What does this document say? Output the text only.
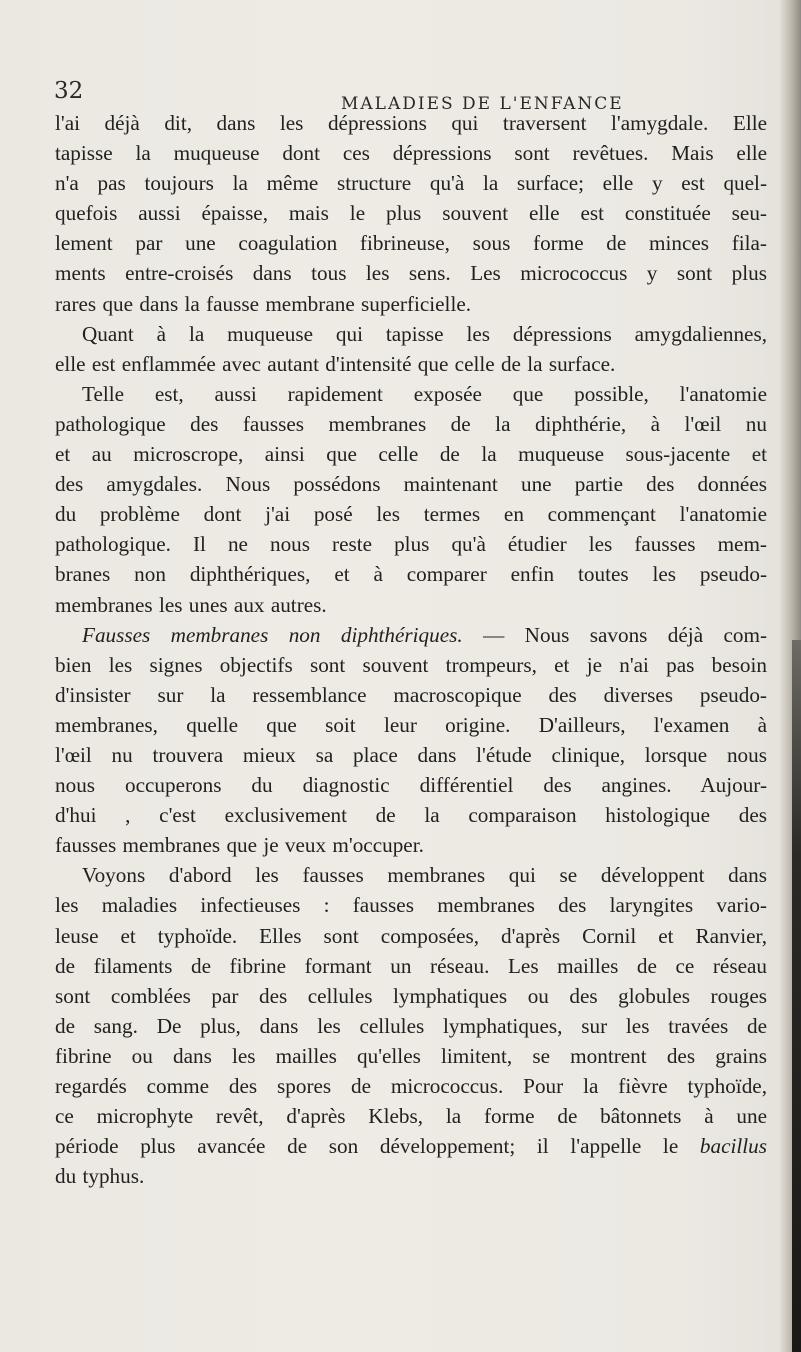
32	MALADIES DE L'ENFANCE
l'ai déjà dit, dans les dépressions qui traversent l'amygdale. Elle
tapisse la muqueuse dont ces dépressions sont revêtues. Mais elle
n'a pas toujours la même structure qu'à la surface; elle y est quel-
quefois aussi épaisse, mais le plus souvent elle est constituée seu-
lement par une coagulation fibrineuse, sous forme de minces fila-
ments entre-croisés dans tous les sens. Les micrococcus y sont plus
rares que dans la fausse membrane superficielle.
Quant à la muqueuse qui tapisse les dépressions amygdaliennes,
elle est enflammée avec autant d'intensité que celle de la surface.
Telle est, aussi rapidement exposée que possible, l'anatomie
pathologique des fausses membranes de la diphthérie, à l'œil nu
et au microscrope, ainsi que celle de la muqueuse sous-jacente et
des amygdales. Nous possédons maintenant une partie des données
du problème dont j'ai posé les termes en commençant l'anatomie
pathologique. Il ne nous reste plus qu'à étudier les fausses mem-
branes non diphthériques, et à comparer enfin toutes les pseudo-
membranes les unes aux autres.
Fausses membranes non diphthériques. — Nous savons déjà com-
bien les signes objectifs sont souvent trompeurs, et je n'ai pas besoin
d'insister sur la ressemblance macroscopique des diverses pseudo-
membranes, quelle que soit leur origine. D'ailleurs, l'examen à
l'œil nu trouvera mieux sa place dans l'étude clinique, lorsque nous
nous occuperons du diagnostic différentiel des angines. Aujour-
d'hui , c'est exclusivement de la comparaison histologique des
fausses membranes que je veux m'occuper.
Voyons d'abord les fausses membranes qui se développent dans
les maladies infectieuses : fausses membranes des laryngites vario-
leuse et typhoïde. Elles sont composées, d'après Cornil et Ranvier,
de filaments de fibrine formant un réseau. Les mailles de ce réseau
sont comblées par des cellules lymphatiques ou des globules rouges
de sang. De plus, dans les cellules lymphatiques, sur les travées de
fibrine ou dans les mailles qu'elles limitent, se montrent des grains
regardés comme des spores de micrococcus. Pour la fièvre typhoïde,
ce microphyte revêt, d'après Klebs, la forme de bâtonnets à une
période plus avancée de son développement; il l'appelle le bacillus
du typhus.
